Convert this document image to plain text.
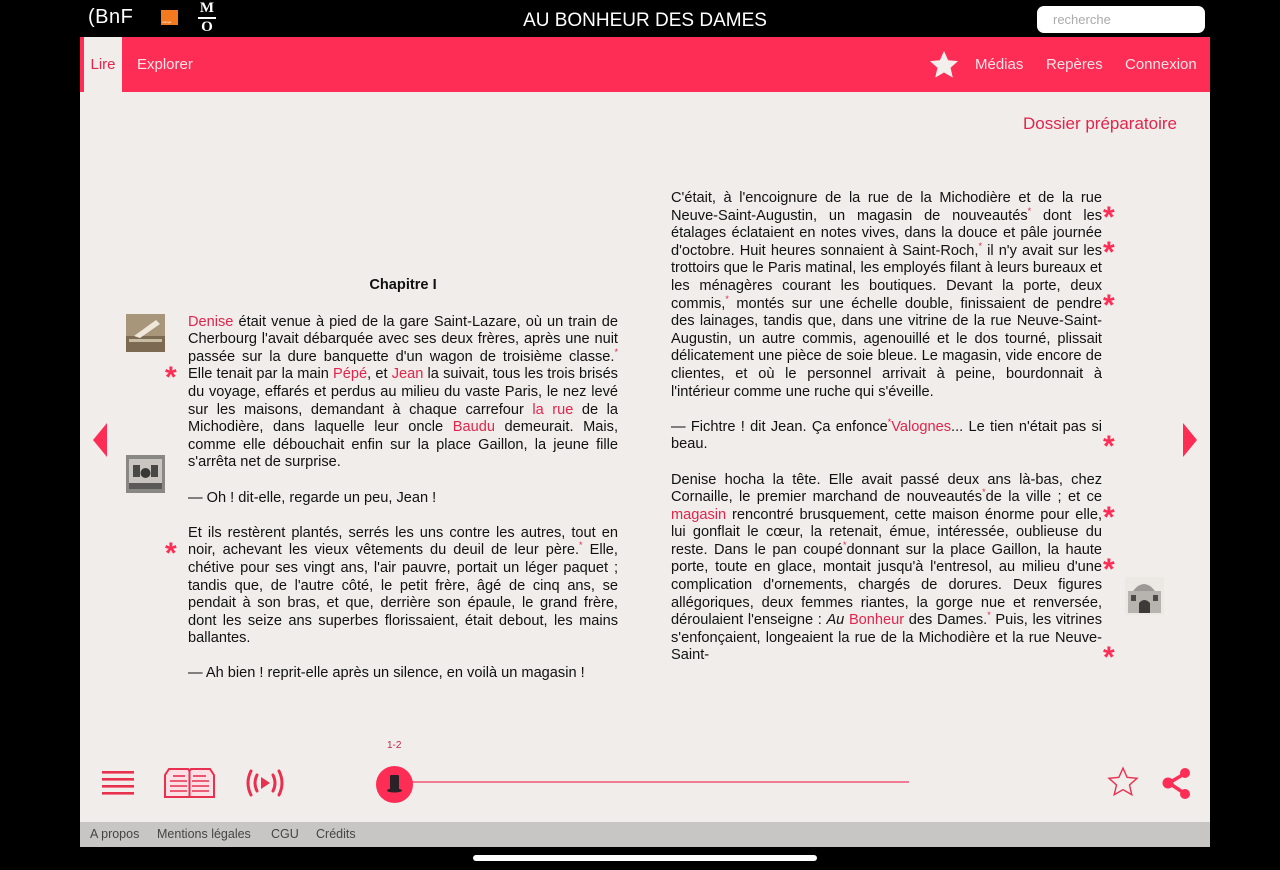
(BnF	orange
M
O	AU BONHEUR DES DAMES
recherche
Lire	Explorer	Médias Repères Connexion
Dossier préparatoire
*
*
*
*
*
*
*
*
*
Chapitre I

Denise était venue à pied de la gare Saint-Lazare, où un train de Cherbourg l'avait débarquée avec ses deux frères, après une nuit passée sur la dure banquette d'un wagon de troisième classe.* Elle tenait par la main Pépé, et Jean la suivait, tous les trois brisés du voyage, effarés et perdus au milieu du vaste Paris, le nez levé sur les maisons, demandant à chaque carrefour la rue de la Michodière, dans laquelle leur oncle Baudu demeurait. Mais, comme elle débouchait enfin sur la place Gaillon, la jeune fille s'arrêta net de surprise.

— Oh ! dit-elle, regarde un peu, Jean !

Et ils restèrent plantés, serrés les uns contre les autres, tout en noir, achevant les vieux vêtements du deuil de leur père.* Elle, chétive pour ses vingt ans, l'air pauvre, portait un léger paquet ; tandis que, de l'autre côté, le petit frère, âgé de cinq ans, se pendait à son bras, et que, derrière son épaule, le grand frère, dont les seize ans superbes florissaient, était debout, les mains ballantes.

— Ah bien ! reprit-elle après un silence, en voilà un magasin !

C'était, à l'encoignure de la rue de la Michodière et de la rue Neuve-Saint-Augustin, un magasin de nouveautés* dont les étalages éclataient en notes vives, dans la douce et pâle journée d'octobre. Huit heures sonnaient à Saint-Roch,* il n'y avait sur les trottoirs que le Paris matinal, les employés filant à leurs bureaux et les ménagères courant les boutiques. Devant la porte, deux commis,* montés sur une échelle double, finissaient de pendre des lainages, tandis que, dans une vitrine de la rue Neuve-Saint-Augustin, un autre commis, agenouillé et le dos tourné, plissait délicatement une pièce de soie bleue. Le magasin, vide encore de clientes, et où le personnel arrivait à peine, bourdonnait à l'intérieur comme une ruche qui s'éveille.

— Fichtre ! dit Jean. Ça enfonce*Valognes... Le tien n'était pas si beau.

Denise hocha la tête. Elle avait passé deux ans là-bas, chez Cornaille, le premier marchand de nouveautés*de la ville ; et ce magasin rencontré brusquement, cette maison énorme pour elle, lui gonflait le cœur, la retenait, émue, intéressée, oublieuse du reste. Dans le pan coupé*donnant sur la place Gaillon, la haute porte, toute en glace, montait jusqu'à l'entresol, au milieu d'une complication d'ornements, chargés de dorures. Deux figures allégoriques, deux femmes riantes, la gorge nue et renversée, déroulaient l'enseigne : Au Bonheur des Dames.* Puis, les vitrines s'enfonçaient, longeaient la rue de la Michodière et la rue Neuve-Saint-

1-2
A propos Mentions légales CGU Crédits
